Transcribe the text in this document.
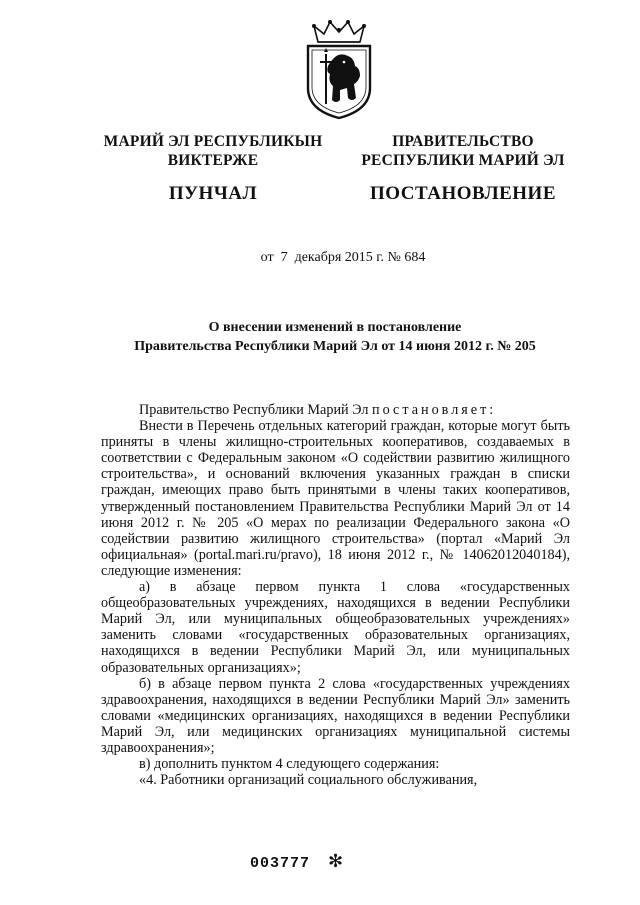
МАРИЙ ЭЛ РЕСПУБЛИКЫН
ВИКТЕРЖЕ
ПУНЧАЛ
ПРАВИТЕЛЬСТВО
РЕСПУБЛИКИ МАРИЙ ЭЛ
ПОСТАНОВЛЕНИЕ
от  7  декабря 2015 г. № 684
О внесении изменений в постановление
Правительства Республики Марий Эл от 14 июня 2012 г. № 205

Правительство Республики Марий Эл постановляет:

Внести в Перечень отдельных категорий граждан, которые могут быть приняты в члены жилищно-строительных кооперативов, создаваемых в соответствии с Федеральным законом «О содействии развитию жилищного строительства», и оснований включения указанных граждан в списки граждан, имеющих право быть принятыми в члены таких кооперативов, утвержденный постановлением Правительства Республики Марий Эл от 14 июня 2012 г. № 205 «О мерах по реализации Федерального закона «О содействии развитию жилищного строительства» (портал «Марий Эл официальная» (portal.mari.ru/pravo), 18 июня 2012 г., № 14062012040184), следующие изменения:

а) в абзаце первом пункта 1 слова «государственных общеобразовательных учреждениях, находящихся в ведении Республики Марий Эл, или муниципальных общеобразовательных учреждениях» заменить словами «государственных образовательных организациях, находящихся в ведении Республики Марий Эл, или муниципальных образовательных организациях»;

б) в абзаце первом пункта 2 слова «государственных учреждениях здравоохранения, находящихся в ведении Республики Марий Эл» заменить словами «медицинских организациях, находящихся в ведении Республики Марий Эл, или медицинских организациях муниципальной системы здравоохранения»;

в) дополнить пунктом 4 следующего содержания:

«4. Работники организаций социального обслуживания,

003777 ✻
